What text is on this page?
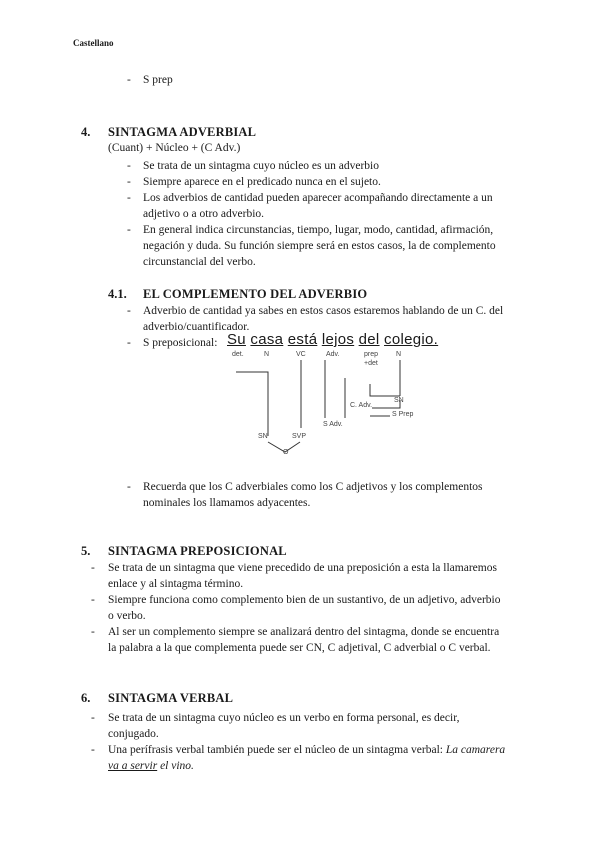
Castellano
- S prep
4. SINTAGMA ADVERBIAL
(Cuant) + Núcleo + (C Adv.)
- Se trata de un sintagma cuyo núcleo es un adverbio
- Siempre aparece en el predicado nunca en el sujeto.
- Los adverbios de cantidad pueden aparecer acompañando directamente a un
adjetivo o a otro adverbio.
- En general indica circunstancias, tiempo, lugar, modo, cantidad, afirmación,
negación y duda. Su función siempre será en estos casos, la de complemento
circunstancial del verbo.
4.1. EL COMPLEMENTO DEL ADVERBIO
- Adverbio de cantidad ya sabes en estos casos estaremos hablando de un C. del
adverbio/cuantificador.
- S preposicional: Su casa está lejos del colegio.
det.	N	VC	Adv.	prep
+det
N
SN
C. Adv.
S Prep
S Adv.
SN	SVP
O
- Recuerda que los C adverbiales como los C adjetivos y los complementos
nominales los llamamos adyacentes.
5. SINTAGMA PREPOSICIONAL
- Se trata de un sintagma que viene precedido de una preposición a esta la llamaremos
enlace y al sintagma término.
- Siempre funciona como complemento bien de un sustantivo, de un adjetivo, adverbio
o verbo.
- Al ser un complemento siempre se analizará dentro del sintagma, donde se encuentra
la palabra a la que complementa puede ser CN, C adjetival, C adverbial o C verbal.
6. SINTAGMA VERBAL
- Se trata de un sintagma cuyo núcleo es un verbo en forma personal, es decir,
conjugado.
- Una perífrasis verbal también puede ser el núcleo de un sintagma verbal: La camarera
va a servir el vino.
